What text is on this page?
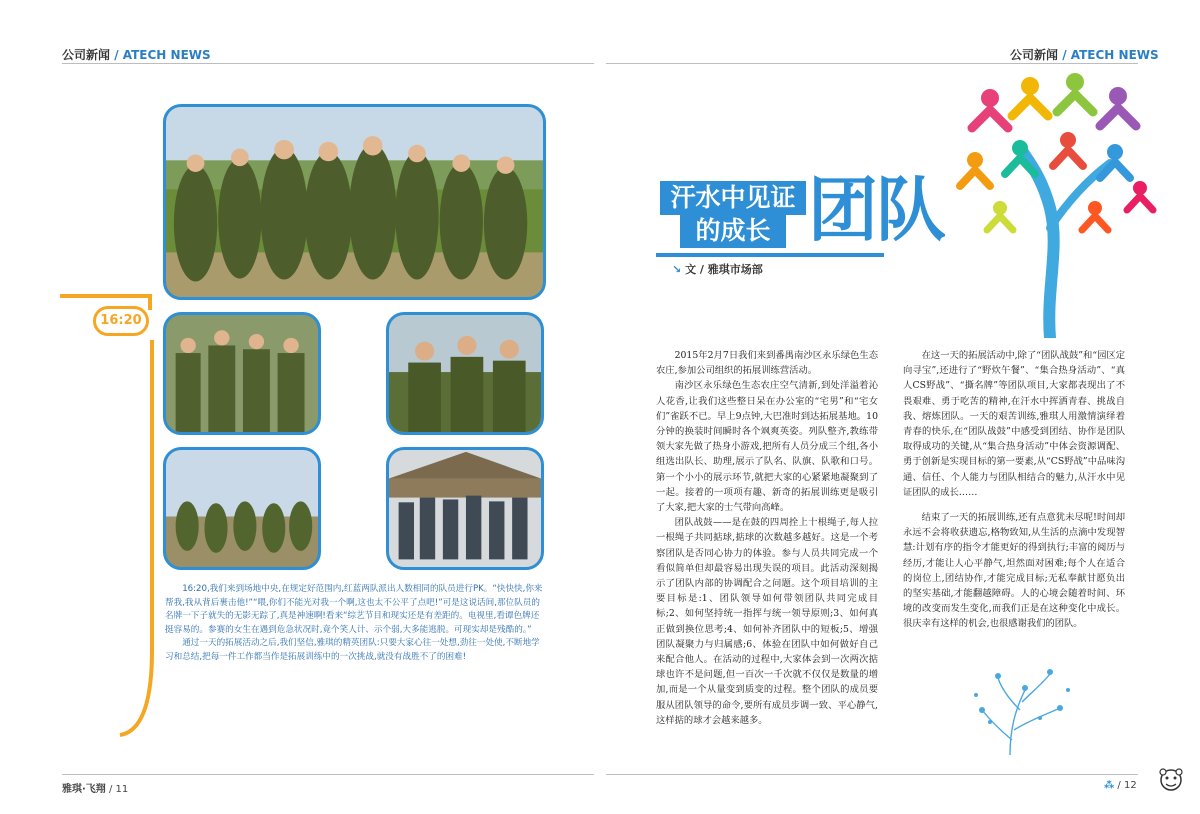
公司新闻 / ATECH NEWS	公司新闻 / ATECH NEWS
16:20

16:20,我们来到场地中央,在规定好范围内,红蓝两队派出人数相同的队员进行PK。“快快快,你来帮我,我从背后裹击他!”“喂,你们不能光对我一个啊,这也太不公平了点吧!”可是这说话间,那位队员的名牌一下子就失的无影无踪了,真是神速啊!看来“综艺节目和现实还是有差距的。电视里,看谭色牌还挺容易的。参赛的女生在遇到危急状况时,竟个笑人计、示个弱,大多能逃脱。可现实却是残酷的。”

通过一天的拓展活动之后,我们坚信,雅琪的精英团队:只要大家心往一处想,劲往一处使,不断地学习和总结,把每一件工作都当作是拓展训练中的一次挑战,就没有战胜不了的困难!

汗水中见证
的成长 团队
↘ 文 / 雅琪市场部

2015年2月7日我们来到番禺南沙区永乐绿色生态农庄,参加公司组织的拓展训练营活动。

南沙区永乐绿色生态农庄空气清新,到处洋溢着沁人花香,让我们这些整日呆在办公室的“宅男”和“宅女们”雀跃不已。早上9点钟,大巴准时到达拓展基地。10分钟的换装时间瞬时各个飒爽英姿。列队整齐,教练带领大家先做了热身小游戏,把所有人员分成三个组,各小组选出队长、助理,展示了队名、队旗、队歌和口号。第一个小小的展示环节,就把大家的心紧紧地凝聚到了一起。接着的一项项有趣、新奇的拓展训练更是吸引了大家,把大家的士气带向高峰。

团队战鼓——是在鼓的四周拴上十根绳子,每人拉一根绳子共同掂球,掂球的次数越多越好。这是一个考察团队是否同心协力的体验。参与人员共同完成一个看似简单但却最容易出现失误的项目。此活动深刻揭示了团队内部的协调配合之问题。这个项目培训的主要目标是:1、团队领导如何带领团队共同完成目标;2、如何坚持统一指挥与统一领导原则;3、如何真正做到换位思考;4、如何补齐团队中的短板;5、增强团队凝聚力与归属感;6、体验在团队中如何做好自己来配合他人。在活动的过程中,大家体会到一次两次掂球也许不是问题,但一百次一千次就不仅仅是数量的增加,而是一个从量变到质变的过程。整个团队的成员要服从团队领导的命令,要所有成员步调一致、平心静气,这样掂的球才会越来越多。

在这一天的拓展活动中,除了“团队战鼓”和“园区定向寻宝”,还进行了“野炊午餐”、“集合热身活动”、“真人CS野战”、“撕名牌”等团队项目,大家都表现出了不畏艰难、勇于吃苦的精神,在汗水中挥洒青春、挑战自我、熔炼团队。一天的艰苦训练,雅琪人用激情演绎着青春的快乐,在“团队战鼓”中感受到团结、协作是团队取得成功的关键,从“集合热身活动”中体会资源调配、勇于创新是实现目标的第一要素,从“CS野战”中品味沟通、信任、个人能力与团队相结合的魅力,从汗水中见证团队的成长……

结束了一天的拓展训练,还有点意犹未尽呢!时间却永远不会将收获遗忘,格物致知,从生活的点滴中发现智慧:计划有序的指令才能更好的得到执行;丰富的阅历与经历,才能让人心平静气,坦然面对困难;每个人在适合的岗位上,团结协作,才能完成目标;无私奉献甘愿负出的坚实基础,才能翻越障碍。人的心境会随着时间、环境的改变而发生变化,而我们正是在这种变化中成长。很庆幸有这样的机会,也很感谢我们的团队。

雅琪·飞翔 / 11	⁂ / 12
